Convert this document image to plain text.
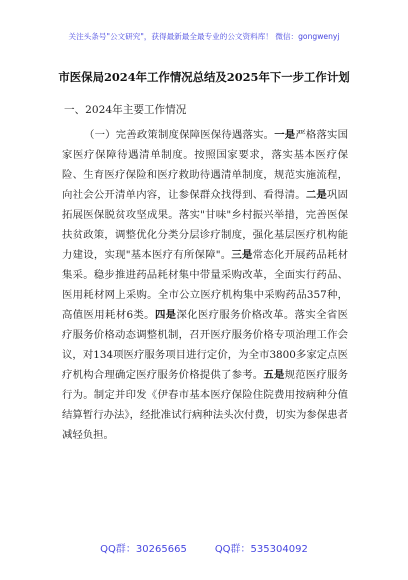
关注头条号"公文研究"，获得最新最全最专业的公文资料库！ 微信：gongwenyj
市医保局2024年工作情况总结及2025年下一步工作计划
一、2024年主要工作情况

（一）完善政策制度保障医保待遇落实。一是严格落实国家医疗保障待遇清单制度。按照国家要求，落实基本医疗保险、生育医疗保险和医疗救助待遇清单制度，规范实施流程，向社会公开清单内容，让参保群众找得到、看得清。二是巩固拓展医保脱贫攻坚成果。落实"甘味"乡村振兴举措，完善医保扶贫政策，调整优化分类分层诊疗制度，强化基层医疗机构能力建设，实现"基本医疗有所保障"。三是常态化开展药品耗材集采。稳步推进药品耗材集中带量采购改革，全面实行药品、医用耗材网上采购。全市公立医疗机构集中采购药品357种，高值医用耗材6类。四是深化医疗服务价格改革。落实全省医疗服务价格动态调整机制，召开医疗服务价格专项治理工作会议，对134项医疗服务项目进行定价，为全市3800多家定点医疗机构合理确定医疗服务价格提供了参考。五是规范医疗服务行为。制定并印发《伊春市基本医疗保险住院费用按病种分值结算暂行办法》，经批准试行病种法头次付费，切实为参保患者减轻负担。

QQ群：30265665	QQ群：535304092
